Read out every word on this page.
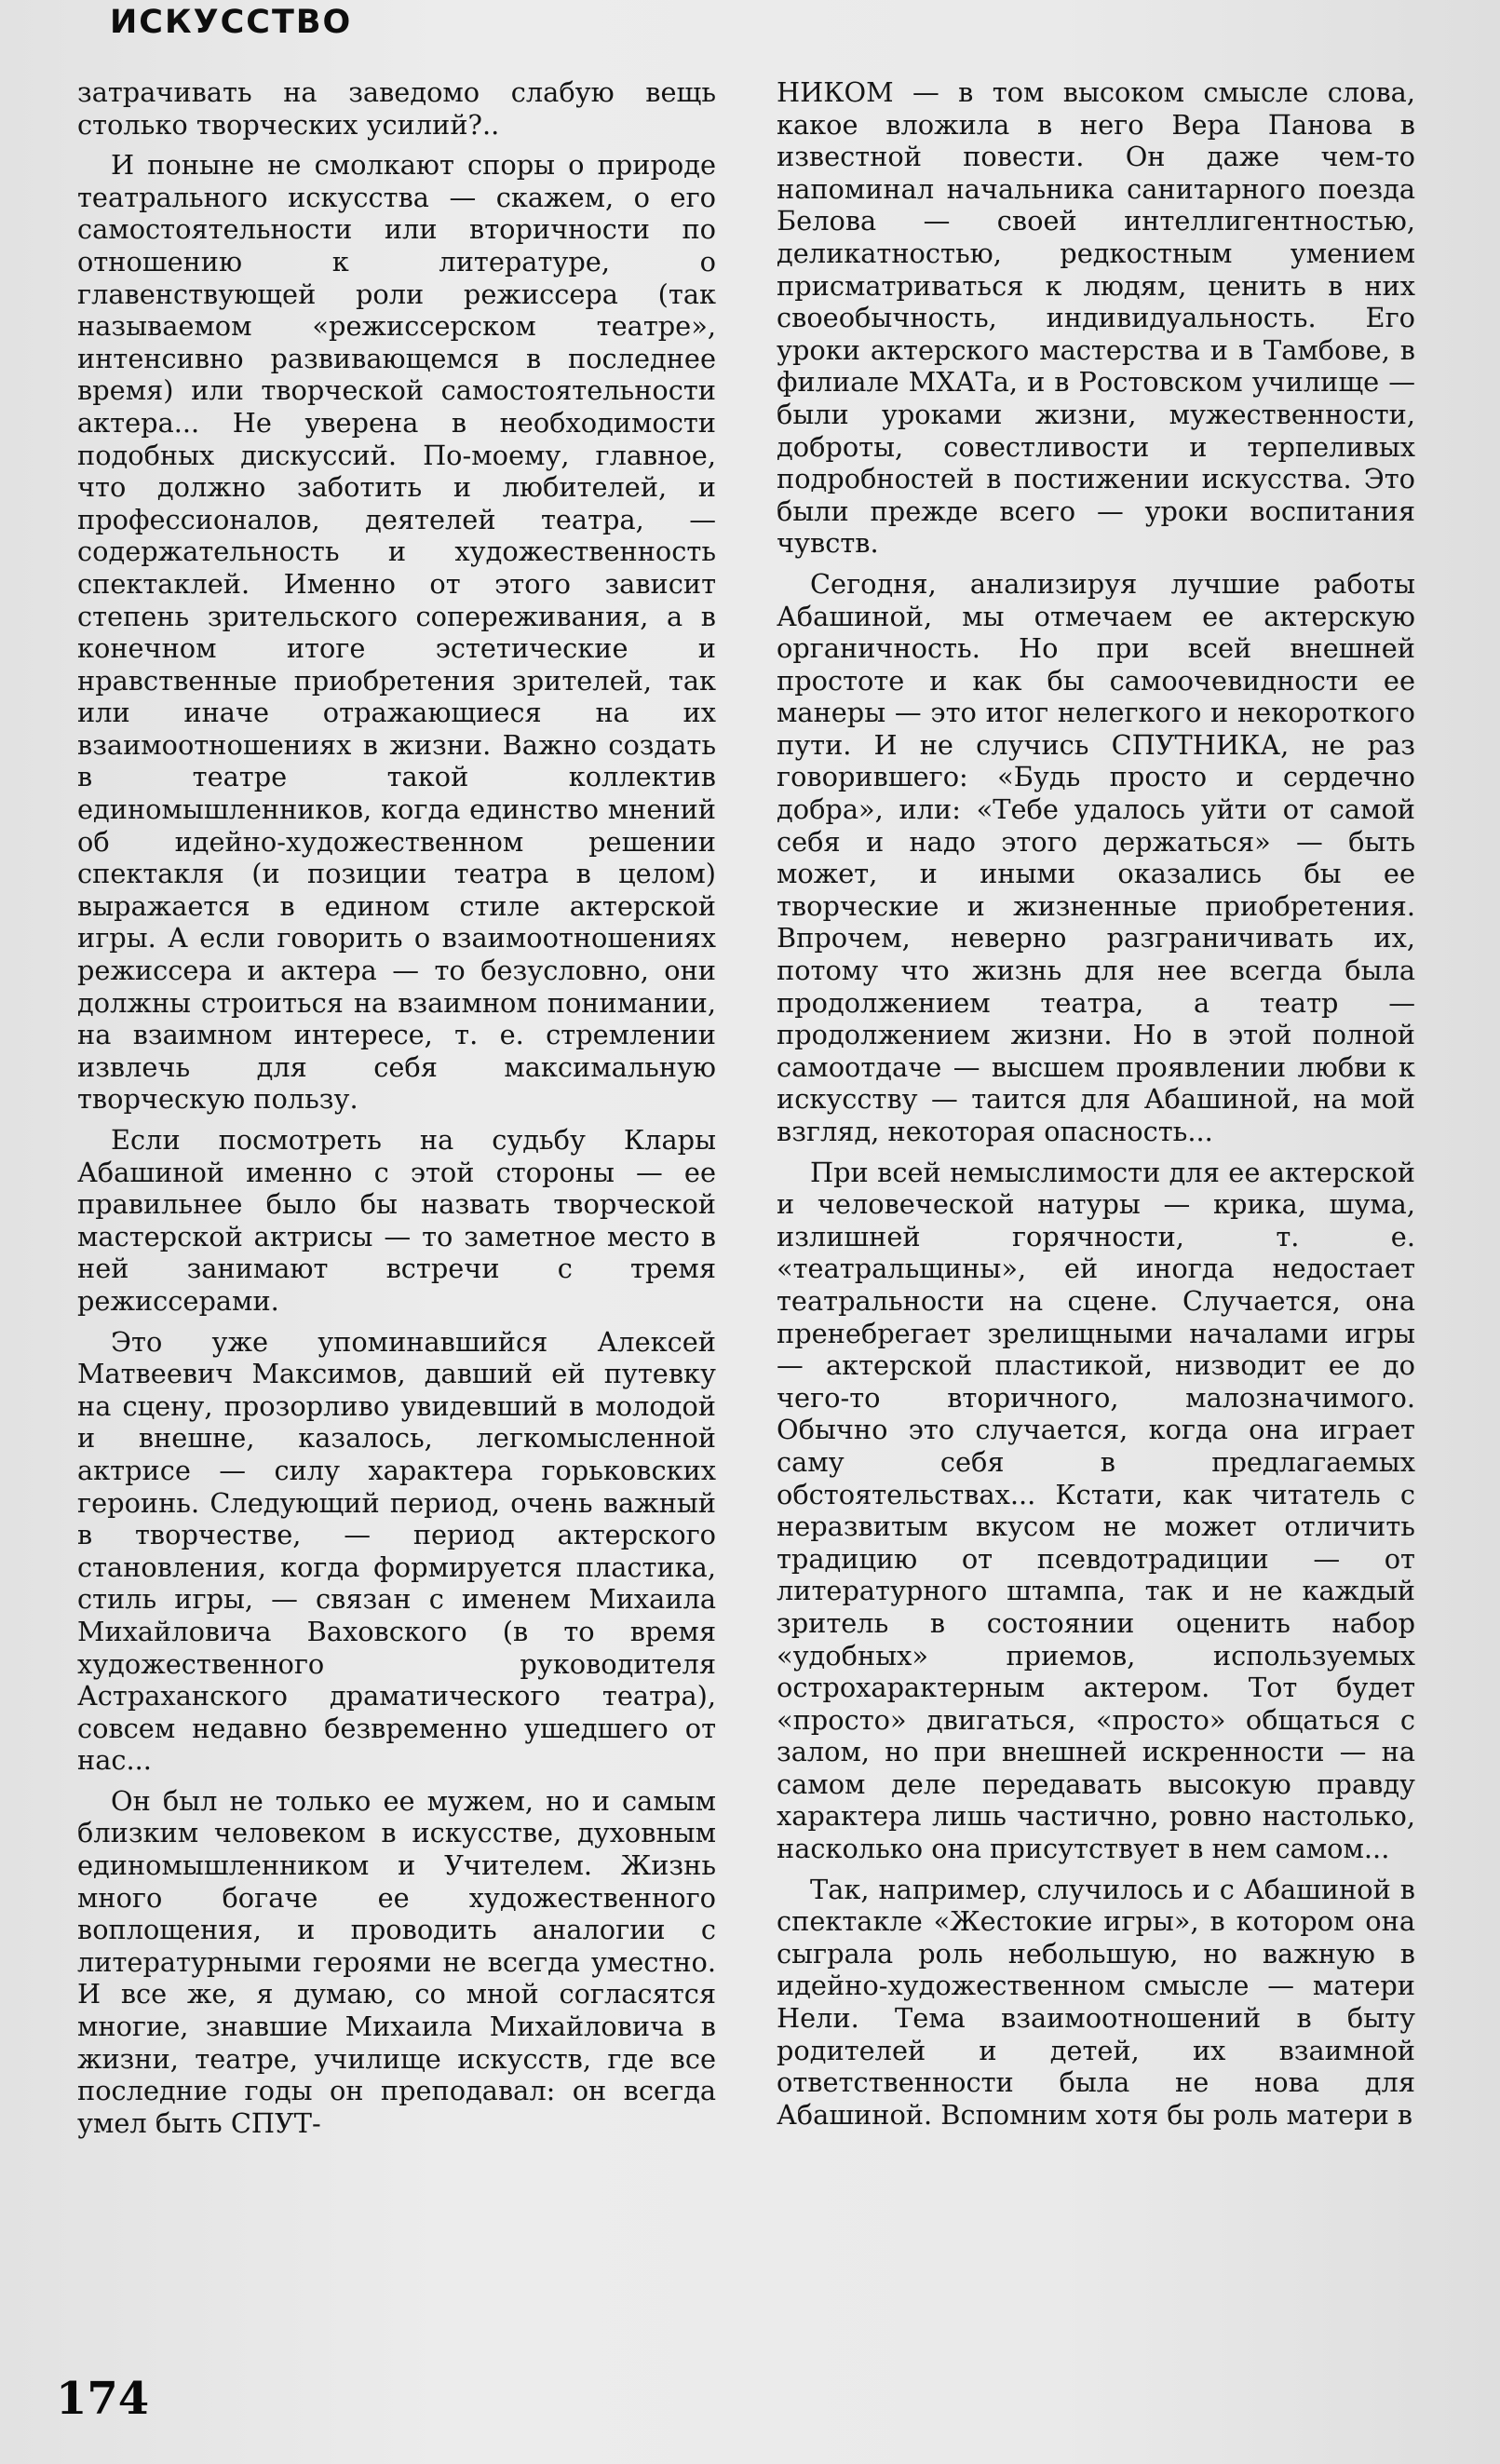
ИСКУССТВО

затрачивать на заведомо слабую вещь столько творческих усилий?..

И поныне не смолкают споры о природе театрального искусства — скажем, о его самостоятельности или вторичности по отношению к литературе, о главенствующей роли режиссера (так называемом «режиссерском театре», интенсивно развивающемся в последнее время) или творческой самостоятельности актера... Не уверена в необходимости подобных дискуссий. По-моему, главное, что должно заботить и любителей, и профессионалов, деятелей театра, — содержательность и художественность спектаклей. Именно от этого зависит степень зрительского сопереживания, а в конечном итоге эстетические и нравственные приобретения зрителей, так или иначе отражающиеся на их взаимоотношениях в жизни. Важно создать в театре такой коллектив единомышленников, когда единство мнений об идейно-художественном решении спектакля (и позиции театра в целом) выражается в едином стиле актерской игры. А если говорить о взаимоотношениях режиссера и актера — то безусловно, они должны строиться на взаимном понимании, на взаимном интересе, т. е. стремлении извлечь для себя максимальную творческую пользу.

Если посмотреть на судьбу Клары Абашиной именно с этой стороны — ее правильнее было бы назвать творческой мастерской актрисы — то заметное место в ней занимают встречи с тремя режиссерами.

Это уже упоминавшийся Алексей Матвеевич Максимов, давший ей путевку на сцену, прозорливо увидевший в молодой и внешне, казалось, легкомысленной актрисе — силу характера горьковских героинь. Следующий период, очень важный в творчестве, — период актерского становления, когда формируется пластика, стиль игры, — связан с именем Михаила Михайловича Ваховского (в то время художественного руководителя Астраханского драматического театра), совсем недавно безвременно ушедшего от нас...

Он был не только ее мужем, но и самым близким человеком в искусстве, духовным единомышленником и Учителем. Жизнь много богаче ее художественного воплощения, и проводить аналогии с литературными героями не всегда уместно. И все же, я думаю, со мной согласятся многие, знавшие Михаила Михайловича в жизни, театре, училище искусств, где все последние годы он преподавал: он всегда умел быть СПУТ-

НИКОМ — в том высоком смысле слова, какое вложила в него Вера Панова в известной повести. Он даже чем-то напоминал начальника санитарного поезда Белова — своей интеллигентностью, деликатностью, редкостным умением присматриваться к людям, ценить в них своеобычность, индивидуальность. Его уроки актерского мастерства и в Тамбове, в филиале МХАТа, и в Ростовском училище — были уроками жизни, мужественности, доброты, совестливости и терпеливых подробностей в постижении искусства. Это были прежде всего — уроки воспитания чувств.

Сегодня, анализируя лучшие работы Абашиной, мы отмечаем ее актерскую органичность. Но при всей внешней простоте и как бы самоочевидности ее манеры — это итог нелегкого и некороткого пути. И не случись СПУТНИКА, не раз говорившего: «Будь просто и сердечно добра», или: «Тебе удалось уйти от самой себя и надо этого держаться» — быть может, и иными оказались бы ее творческие и жизненные приобретения. Впрочем, неверно разграничивать их, потому что жизнь для нее всегда была продолжением театра, а театр — продолжением жизни. Но в этой полной самоотдаче — высшем проявлении любви к искусству — таится для Абашиной, на мой взгляд, некоторая опасность...

При всей немыслимости для ее актерской и человеческой натуры — крика, шума, излишней горячности, т. е. «театральщины», ей иногда недостает театральности на сцене. Случается, она пренебрегает зрелищными началами игры — актерской пластикой, низводит ее до чего-то вторичного, малозначимого. Обычно это случается, когда она играет саму себя в предлагаемых обстоятельствах... Кстати, как читатель с неразвитым вкусом не может отличить традицию от псевдотрадиции — от литературного штампа, так и не каждый зритель в состоянии оценить набор «удобных» приемов, используемых острохарактерным актером. Тот будет «просто» двигаться, «просто» общаться с залом, но при внешней искренности — на самом деле передавать высокую правду характера лишь частично, ровно настолько, насколько она присутствует в нем самом...

Так, например, случилось и с Абашиной в спектакле «Жестокие игры», в котором она сыграла роль небольшую, но важную в идейно-художественном смысле — матери Нели. Тема взаимоотношений в быту родителей и детей, их взаимной ответственности была не нова для Абашиной. Вспомним хотя бы роль матери в

174
